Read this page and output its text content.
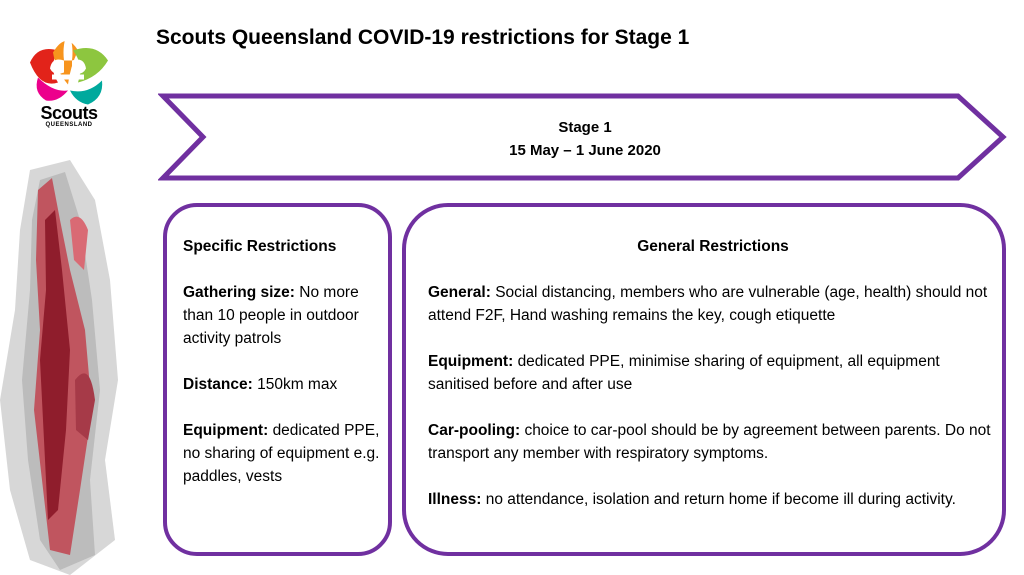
Scouts
QUEENSLAND
Scouts Queensland COVID-19 restrictions for Stage 1
Stage 1
15 May – 1 June 2020
Specific Restrictions
Gathering size: No more than 10 people in outdoor activity patrols
Distance: 150km max
Equipment: dedicated PPE, no sharing of equipment e.g. paddles, vests
General Restrictions
General: Social distancing, members who are vulnerable (age, health) should not attend F2F, Hand washing remains the key, cough etiquette
Equipment: dedicated PPE, minimise sharing of equipment, all equipment sanitised before and after use
Car-pooling: choice to car-pool should be by agreement between parents. Do not transport any member with respiratory symptoms.
Illness: no attendance, isolation and return home if become ill during activity.
